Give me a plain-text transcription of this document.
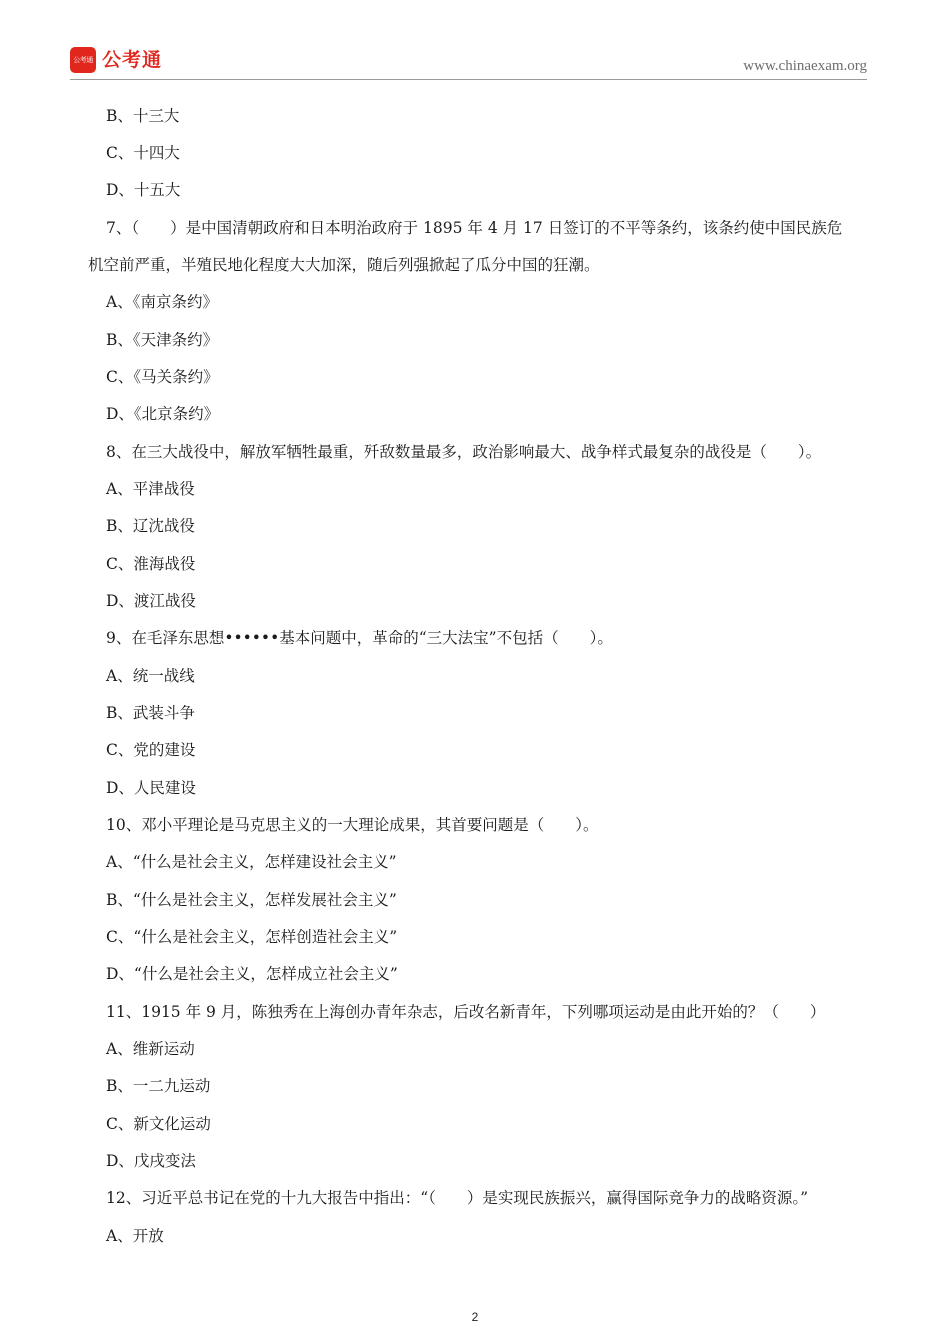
公考通 公考通	www.chinaexam.org
B、十三大
C、十四大
D、十五大
7、（　　）是中国清朝政府和日本明治政府于 1895 年 4 月 17 日签订的不平等条约，该条约使中国民族危
机空前严重，半殖民地化程度大大加深，随后列强掀起了瓜分中国的狂潮。
A、《南京条约》
B、《天津条约》
C、《马关条约》
D、《北京条约》
8、在三大战役中，解放军牺牲最重，歼敌数量最多，政治影响最大、战争样式最复杂的战役是（　　）。
A、平津战役
B、辽沈战役
C、淮海战役
D、渡江战役
9、在毛泽东思想••••••基本问题中，革命的“三大法宝”不包括（　　）。
A、统一战线
B、武装斗争
C、党的建设
D、人民建设
10、邓小平理论是马克思主义的一大理论成果，其首要问题是（　　）。
A、“什么是社会主义，怎样建设社会主义”
B、“什么是社会主义，怎样发展社会主义”
C、“什么是社会主义，怎样创造社会主义”
D、“什么是社会主义，怎样成立社会主义”
11、1915 年 9 月，陈独秀在上海创办青年杂志，后改名新青年，下列哪项运动是由此开始的？（　　）
A、维新运动
B、一二九运动
C、新文化运动
D、戊戌变法
12、习近平总书记在党的十九大报告中指出：“（　　）是实现民族振兴，赢得国际竞争力的战略资源。”
A、开放
2
